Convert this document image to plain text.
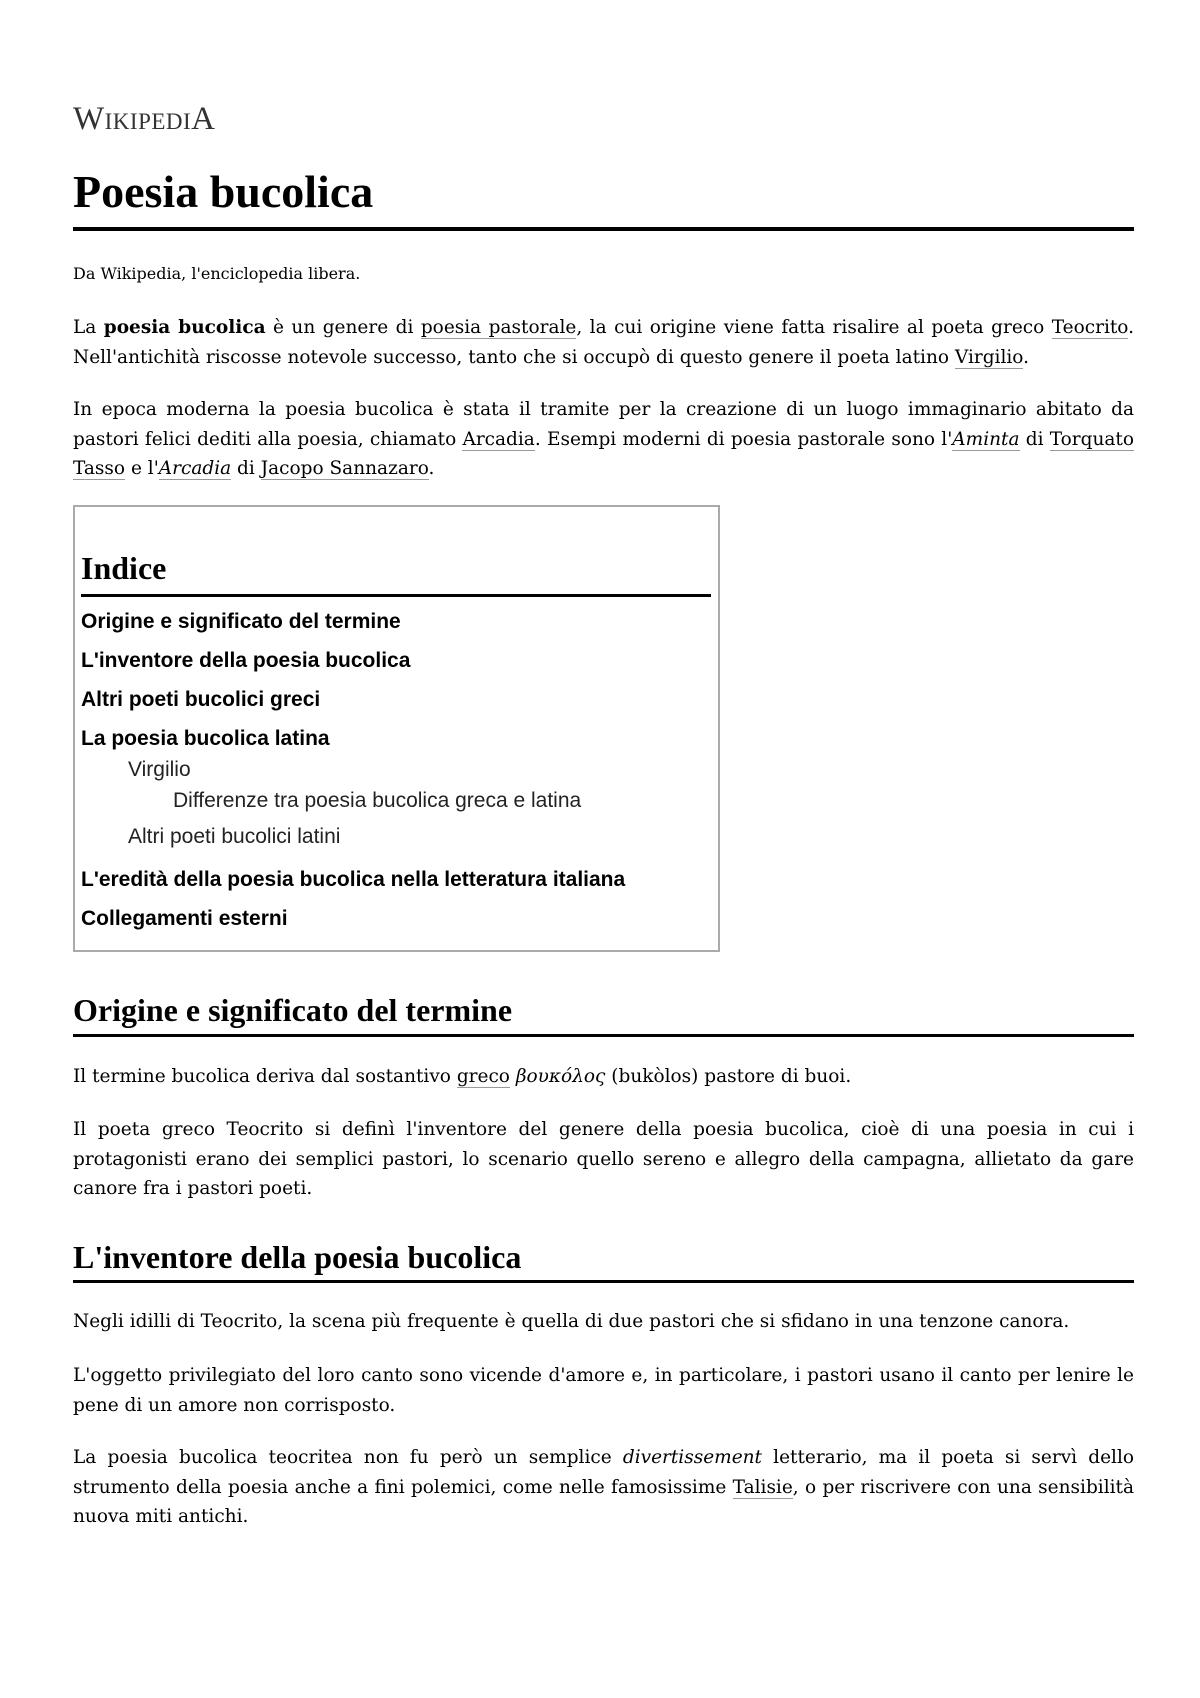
WikipediA
Poesia bucolica
Da Wikipedia, l'enciclopedia libera.

La poesia bucolica è un genere di poesia pastorale, la cui origine viene fatta risalire al poeta greco Teocrito. Nell'antichità riscosse notevole successo, tanto che si occupò di questo genere il poeta latino Virgilio.

In epoca moderna la poesia bucolica è stata il tramite per la creazione di un luogo immaginario abitato da pastori felici dediti alla poesia, chiamato Arcadia. Esempi moderni di poesia pastorale sono l'Aminta di Torquato Tasso e l'Arcadia di Jacopo Sannazaro.

Indice
Origine e significato del termine
L'inventore della poesia bucolica
Altri poeti bucolici greci
La poesia bucolica latina
Virgilio
Differenze tra poesia bucolica greca e latina
Altri poeti bucolici latini
L'eredità della poesia bucolica nella letteratura italiana
Collegamenti esterni
Origine e significato del termine

Il termine bucolica deriva dal sostantivo greco βουκόλος (bukòlos) pastore di buoi.

Il poeta greco Teocrito si definì l'inventore del genere della poesia bucolica, cioè di una poesia in cui i protagonisti erano dei semplici pastori, lo scenario quello sereno e allegro della campagna, allietato da gare canore fra i pastori poeti.

L'inventore della poesia bucolica

Negli idilli di Teocrito, la scena più frequente è quella di due pastori che si sfidano in una tenzone canora.

L'oggetto privilegiato del loro canto sono vicende d'amore e, in particolare, i pastori usano il canto per lenire le pene di un amore non corrisposto.

La poesia bucolica teocritea non fu però un semplice divertissement letterario, ma il poeta si servì dello strumento della poesia anche a fini polemici, come nelle famosissime Talisie, o per riscrivere con una sensibilità nuova miti antichi.
